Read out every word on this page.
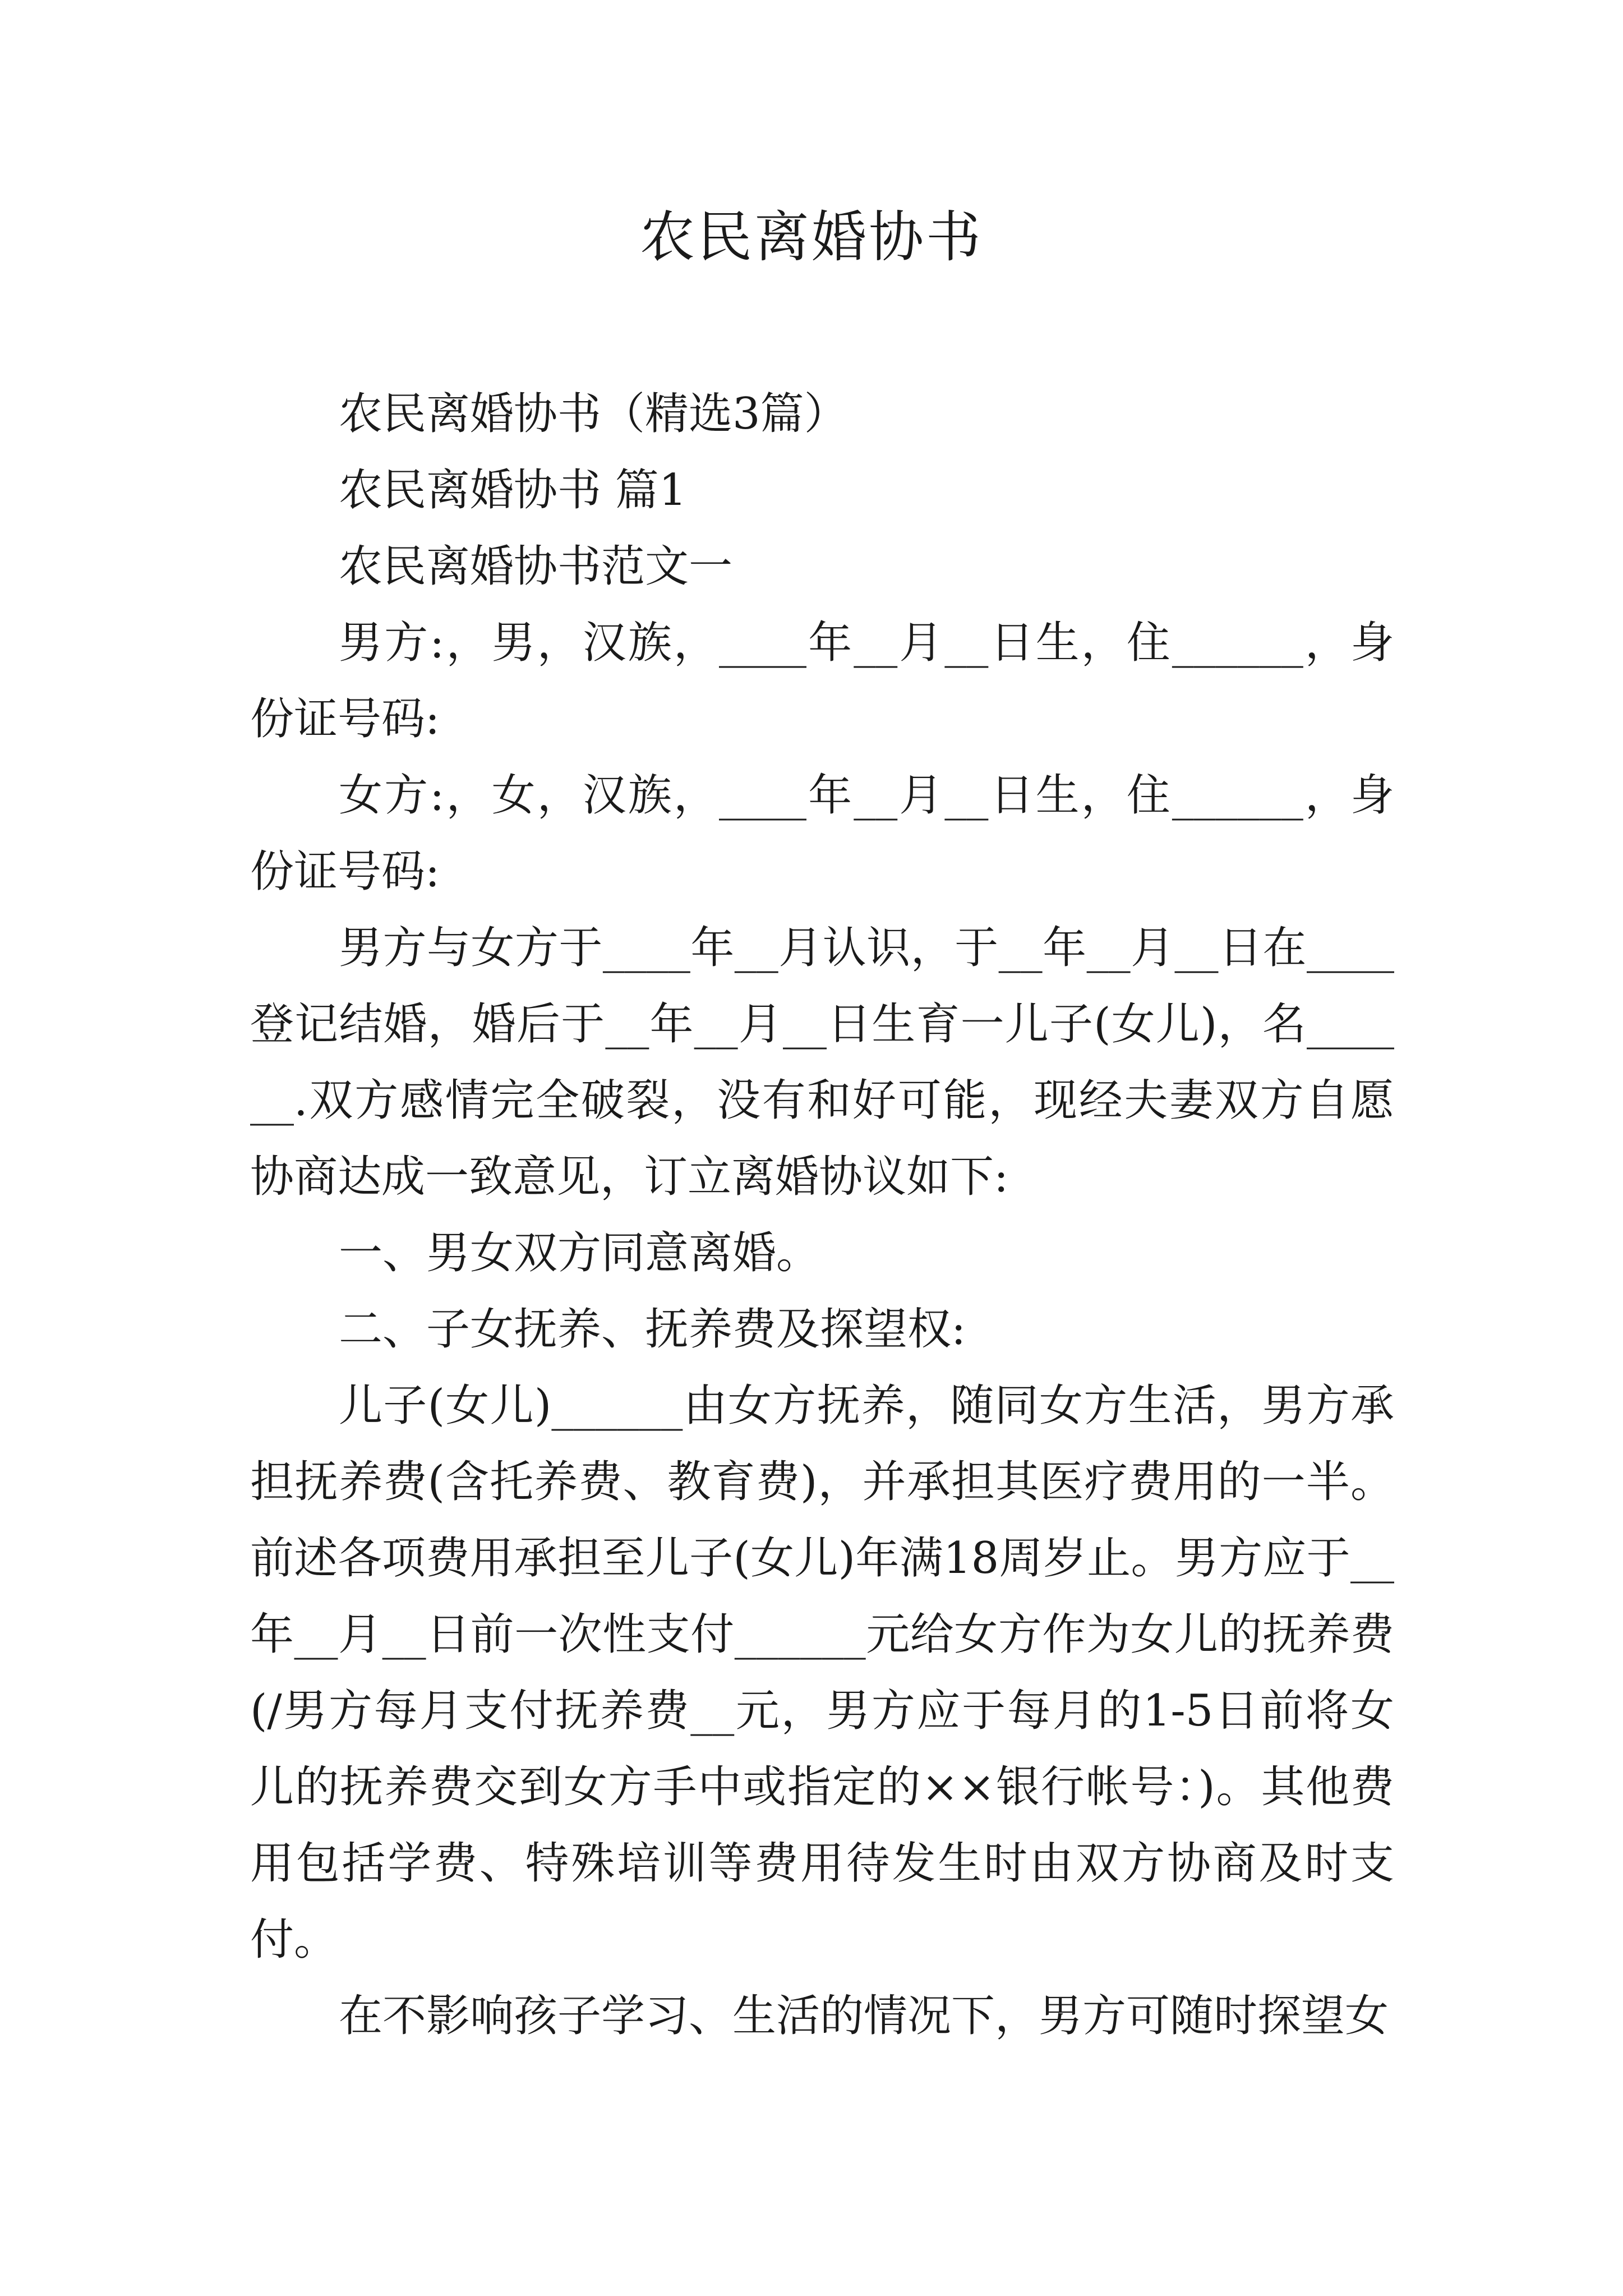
农民离婚协书

农民离婚协书（精选3篇）

农民离婚协书 篇1

农民离婚协书范文一

男方:，男，汉族，____年__月__日生，住______，身份证号码:

女方:，女，汉族，____年__月__日生，住______，身份证号码:

男方与女方于____年__月认识，于__年__月__日在____登记结婚，婚后于__年__月__日生育一儿子(女儿)，名______.双方感情完全破裂，没有和好可能，现经夫妻双方自愿协商达成一致意见，订立离婚协议如下:

一、男女双方同意离婚。

二、子女抚养、抚养费及探望权:

儿子(女儿)______由女方抚养，随同女方生活，男方承担抚养费(含托养费、教育费)，并承担其医疗费用的一半。前述各项费用承担至儿子(女儿)年满18周岁止。男方应于__年__月__日前一次性支付______元给女方作为女儿的抚养费(/男方每月支付抚养费__元，男方应于每月的1-5日前将女儿的抚养费交到女方手中或指定的××银行帐号：)。其他费用包括学费、特殊培训等费用待发生时由双方协商及时支付。

在不影响孩子学习、生活的情况下，男方可随时探望女
